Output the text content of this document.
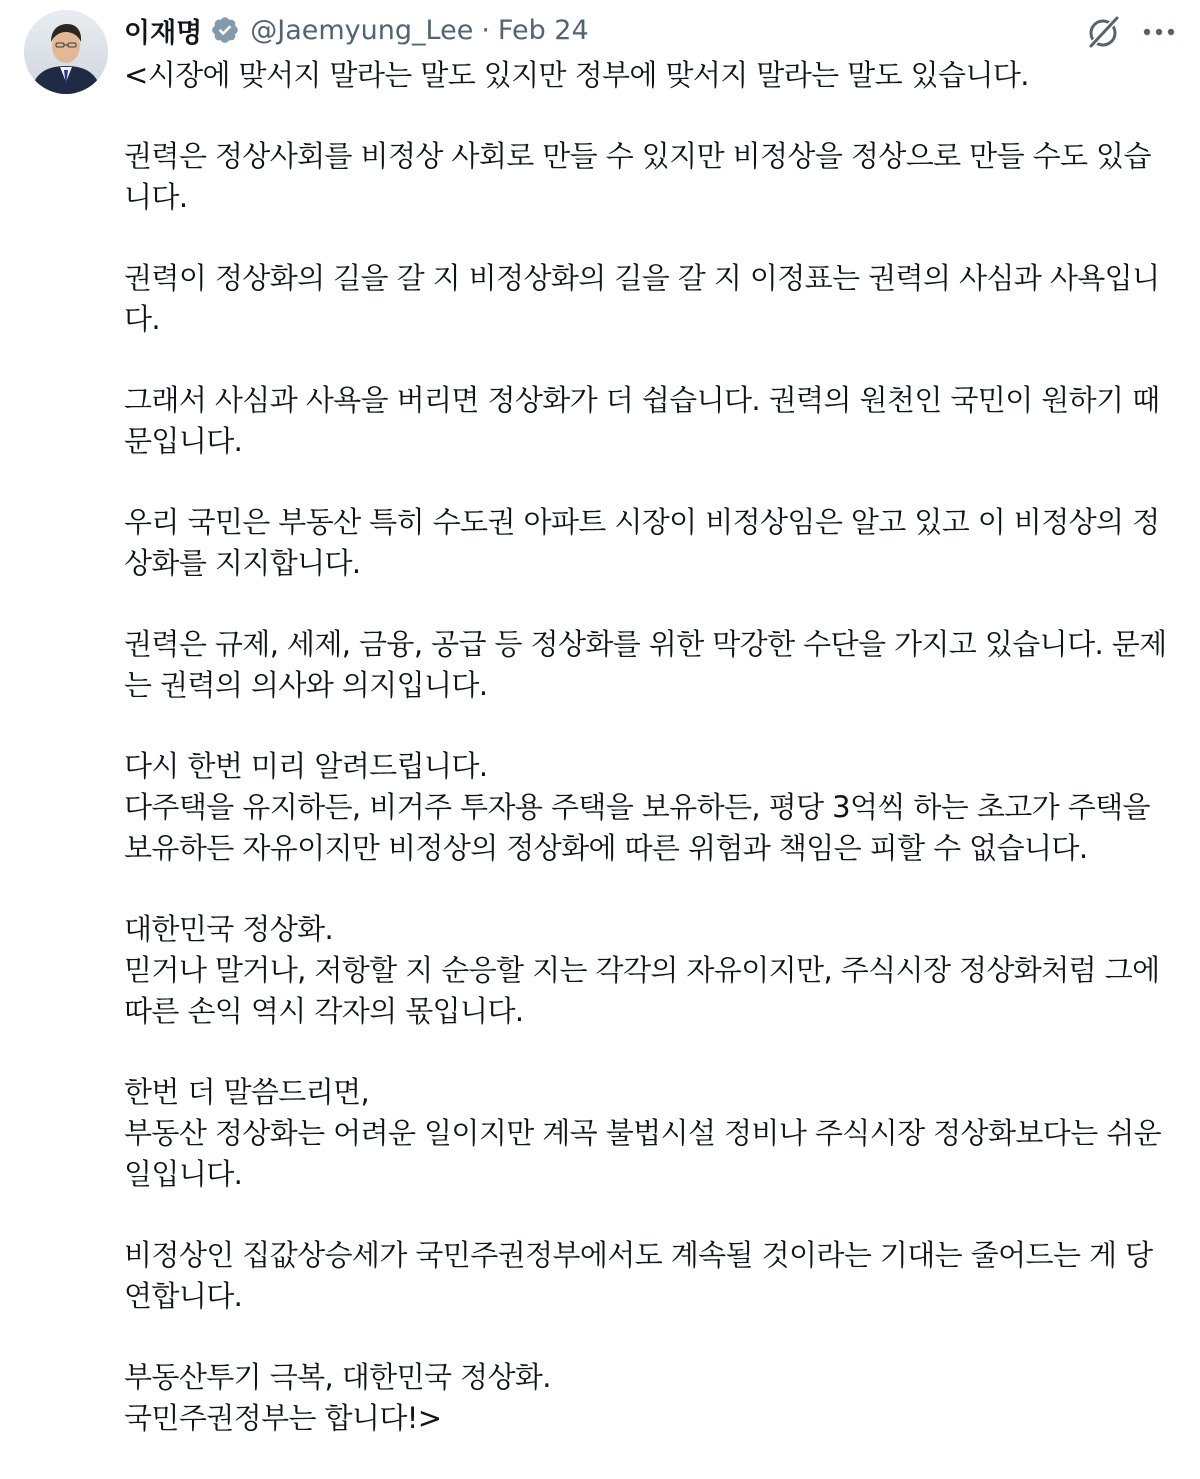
이재명 @Jaemyung_Lee · Feb 24
<시장에 맞서지 말라는 말도 있지만 정부에 맞서지 말라는 말도 있습니다.
권력은 정상사회를 비정상 사회로 만들 수 있지만 비정상을 정상으로 만들 수도 있습
니다.
권력이 정상화의 길을 갈 지 비정상화의 길을 갈 지 이정표는 권력의 사심과 사욕입니
다.
그래서 사심과 사욕을 버리면 정상화가 더 쉽습니다. 권력의 원천인 국민이 원하기 때
문입니다.
우리 국민은 부동산 특히 수도권 아파트 시장이 비정상임은 알고 있고 이 비정상의 정
상화를 지지합니다.
권력은 규제, 세제, 금융, 공급 등 정상화를 위한 막강한 수단을 가지고 있습니다. 문제
는 권력의 의사와 의지입니다.
다시 한번 미리 알려드립니다.
다주택을 유지하든, 비거주 투자용 주택을 보유하든, 평당 3억씩 하는 초고가 주택을
보유하든 자유이지만 비정상의 정상화에 따른 위험과 책임은 피할 수 없습니다.
대한민국 정상화.
믿거나 말거나, 저항할 지 순응할 지는 각각의 자유이지만, 주식시장 정상화처럼 그에
따른 손익 역시 각자의 몫입니다.
한번 더 말씀드리면,
부동산 정상화는 어려운 일이지만 계곡 불법시설 정비나 주식시장 정상화보다는 쉬운
일입니다.
비정상인 집값상승세가 국민주권정부에서도 계속될 것이라는 기대는 줄어드는 게 당
연합니다.
부동산투기 극복, 대한민국 정상화.
국민주권정부는 합니다!>
